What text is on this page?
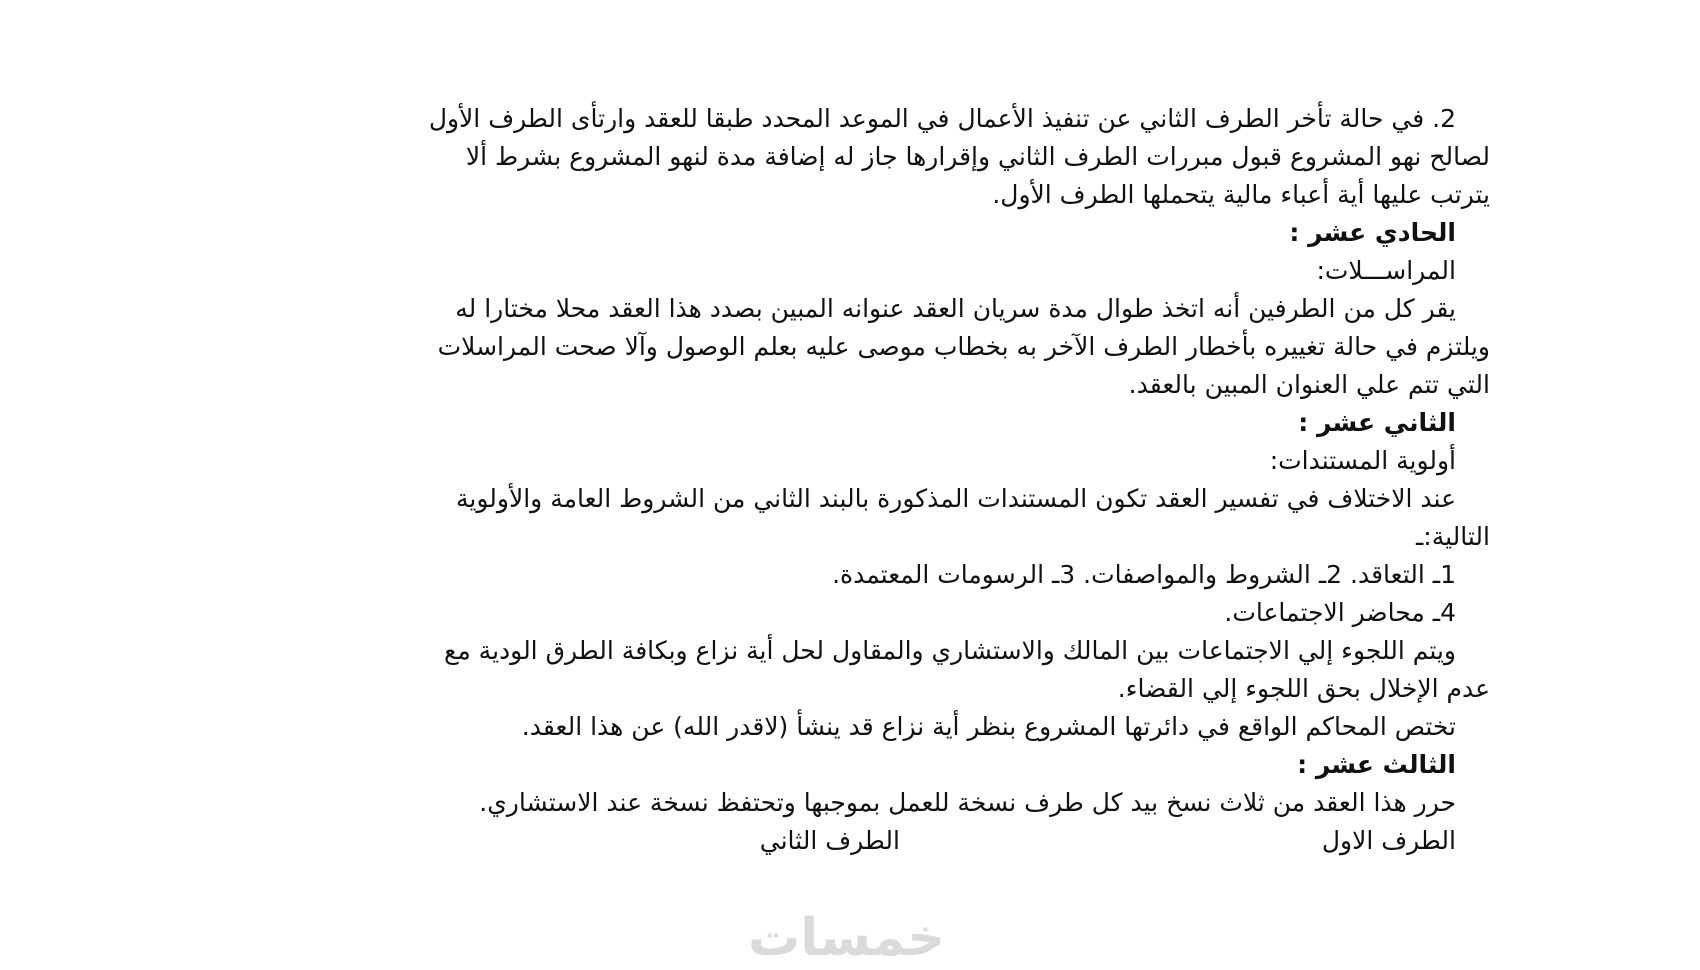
2. في حالة تأخر الطرف الثاني عن تنفيذ الأعمال في الموعد المحدد طبقا للعقد وارتأى الطرف الأول
لصالح نهو المشروع قبول مبررات الطرف الثاني وإقرارها جاز له إضافة مدة لنهو المشروع بشرط ألا
يترتب عليها أية أعباء مالية يتحملها الطرف الأول.
الحادي عشر :
المراســـلات:
يقر كل من الطرفين أنه اتخذ طوال مدة سريان العقد عنوانه المبين بصدد هذا العقد محلا مختارا له
ويلتزم في حالة تغييره بأخطار الطرف الآخر به بخطاب موصى عليه بعلم الوصول وآلا صحت المراسلات
التي تتم علي العنوان المبين بالعقد.
الثاني عشر :
أولوية المستندات:
عند الاختلاف في تفسير العقد تكون المستندات المذكورة بالبند الثاني من الشروط العامة والأولوية
التالية:ـ
1ـ التعاقد. 2ـ الشروط والمواصفات. 3ـ الرسومات المعتمدة.
4ـ محاضر الاجتماعات.
ويتم اللجوء إلي الاجتماعات بين المالك والاستشاري والمقاول لحل أية نزاع وبكافة الطرق الودية مع
عدم الإخلال بحق اللجوء إلي القضاء.
تختص المحاكم الواقع في دائرتها المشروع بنظر أية نزاع قد ينشأ (لاقدر الله) عن هذا العقد.
الثالث عشر :
حرر هذا العقد من ثلاث نسخ بيد كل طرف نسخة للعمل بموجبها وتحتفظ نسخة عند الاستشاري.
الطرف الاول
الطرف الثاني
خمسات
